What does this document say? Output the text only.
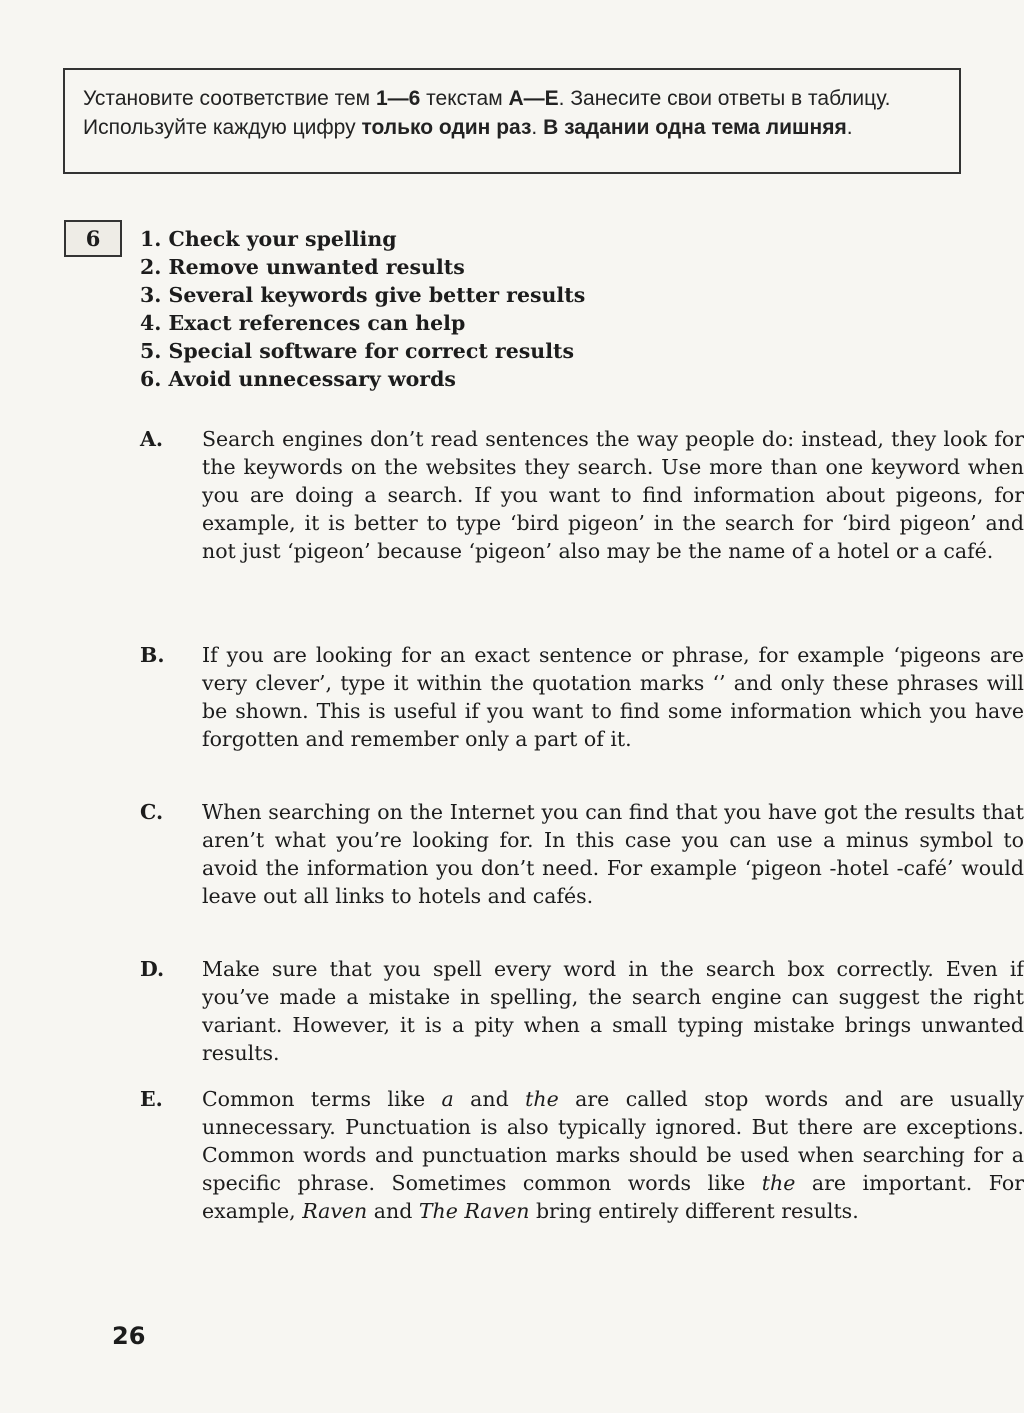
Установите соответствие тем 1—6 текстам A—E. Занесите свои ответы в таблицу. Используйте каждую цифру только один раз. В задании одна тема лишняя.
6	1. Check your spelling
2. Remove unwanted results
3. Several keywords give better results
4. Exact references can help
5. Special software for correct results
6. Avoid unnecessary words
A. Search engines don’t read sentences the way people do: instead, they look for the keywords on the websites they search. Use more than one keyword when you are doing a search. If you want to find information about pigeons, for example, it is better to type ‘bird pigeon’ in the search for ‘bird pigeon’ and not just ‘pigeon’ because ‘pigeon’ also may be the name of a hotel or a café.

B. If you are looking for an exact sentence or phrase, for example ‘pigeons are very clever’, type it within the quotation marks ‘’ and only these phrases will be shown. This is useful if you want to find some information which you have forgotten and remember only a part of it.

C. When searching on the Internet you can find that you have got the results that aren’t what you’re looking for. In this case you can use a minus symbol to avoid the information you don’t need. For example ‘pigeon -hotel -café’ would leave out all links to hotels and cafés.

D. Make sure that you spell every word in the search box correctly. Even if you’ve made a mistake in spelling, the search engine can suggest the right variant. However, it is a pity when a small typing mistake brings unwanted results.

E. Common terms like a and the are called stop words and are usually unnecessary. Punctuation is also typically ignored. But there are exceptions. Common words and punctuation marks should be used when searching for a specific phrase. Sometimes common words like the are important. For example, Raven and The Raven bring entirely different results.

26
